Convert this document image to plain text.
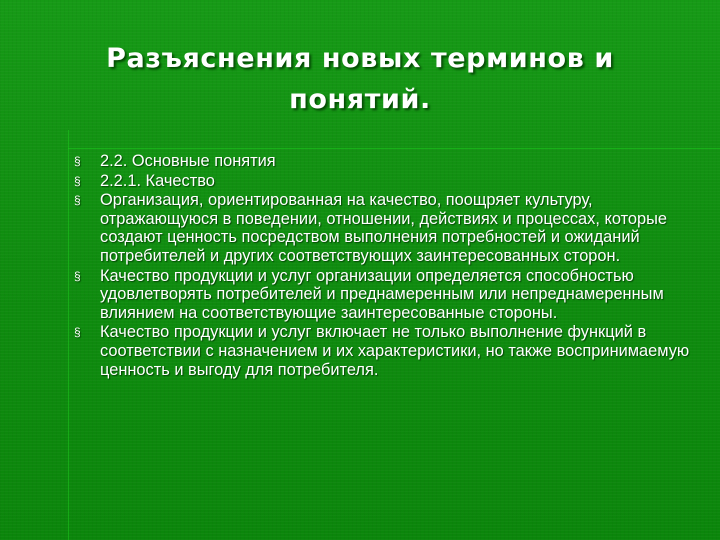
Разъяснения новых терминов и
понятий.
§ 2.2. Основные понятия
§ 2.2.1. Качество
§ Организация, ориентированная на качество, поощряет культуру, отражающуюся в поведении, отношении, действиях и процессах, которые создают ценность посредством выполнения потребностей и ожиданий потребителей и других соответствующих заинтересованных сторон.
§ Качество продукции и услуг организации определяется способностью удовлетворять потребителей и преднамеренным или непреднамеренным влиянием на соответствующие заинтересованные стороны.
§ Качество продукции и услуг включает не только выполнение функций в соответствии с назначением и их характеристики, но также воспринимаемую ценность и выгоду для потребителя.
